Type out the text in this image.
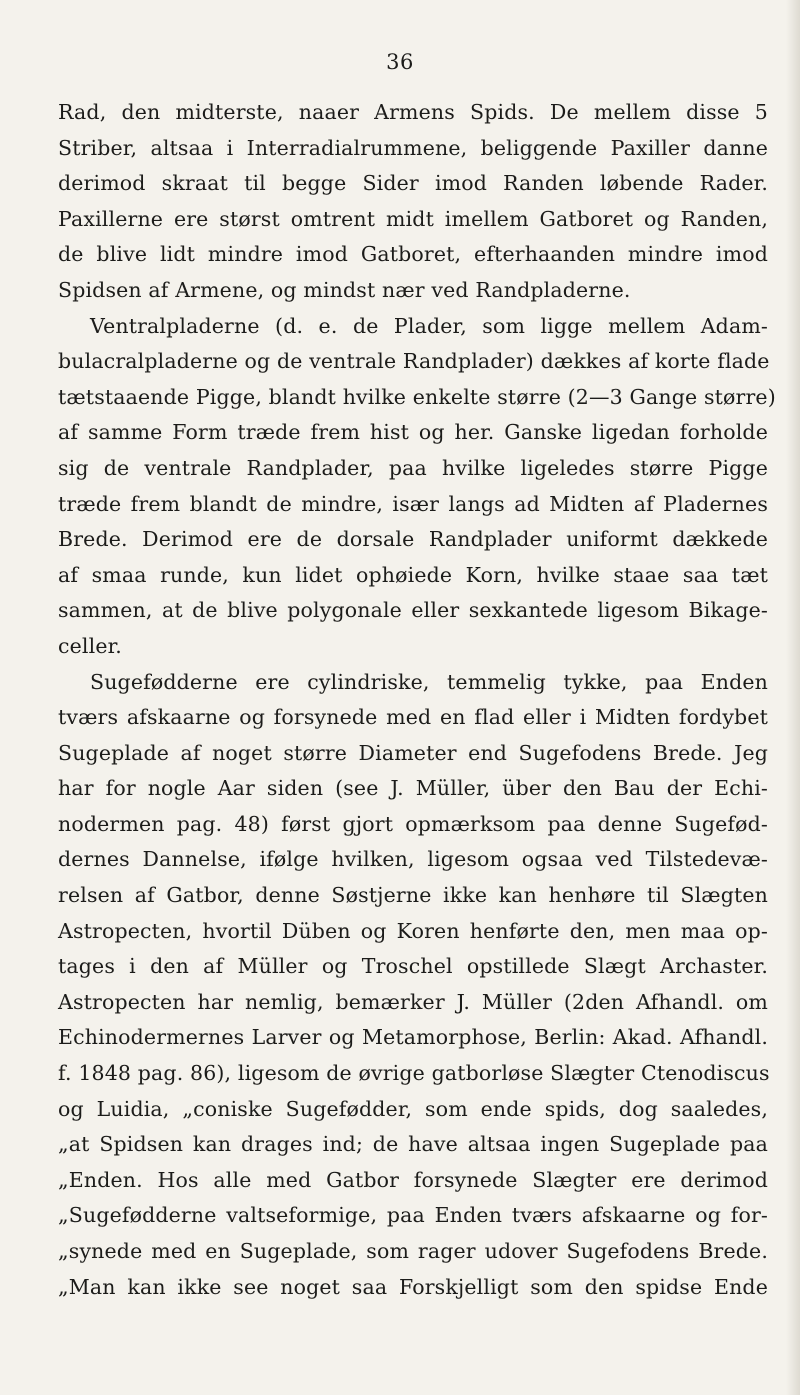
36
Rad, den midterste, naaer Armens Spids. De mellem disse 5
Striber, altsaa i Interradialrummene, beliggende Paxiller danne
derimod skraat til begge Sider imod Randen løbende Rader.
Paxillerne ere størst omtrent midt imellem Gatboret og Randen,
de blive lidt mindre imod Gatboret, efterhaanden mindre imod
Spidsen af Armene, og mindst nær ved Randpladerne.
Ventralpladerne (d. e. de Plader, som ligge mellem Adam-
bulacralpladerne og de ventrale Randplader) dækkes af korte flade
tætstaaende Pigge, blandt hvilke enkelte større (2—3 Gange større)
af samme Form træde frem hist og her. Ganske ligedan forholde
sig de ventrale Randplader, paa hvilke ligeledes større Pigge
træde frem blandt de mindre, især langs ad Midten af Pladernes
Brede. Derimod ere de dorsale Randplader uniformt dækkede
af smaa runde, kun lidet ophøiede Korn, hvilke staae saa tæt
sammen, at de blive polygonale eller sexkantede ligesom Bikage-
celler.
Sugefødderne ere cylindriske, temmelig tykke, paa Enden
tværs afskaarne og forsynede med en flad eller i Midten fordybet
Sugeplade af noget større Diameter end Sugefodens Brede. Jeg
har for nogle Aar siden (see J. Müller, über den Bau der Echi-
nodermen pag. 48) først gjort opmærksom paa denne Sugefød-
dernes Dannelse, ifølge hvilken, ligesom ogsaa ved Tilstedevæ-
relsen af Gatbor, denne Søstjerne ikke kan henhøre til Slægten
Astropecten, hvortil Düben og Koren henførte den, men maa op-
tages i den af Müller og Troschel opstillede Slægt Archaster.
Astropecten har nemlig, bemærker J. Müller (2den Afhandl. om
Echinodermernes Larver og Metamorphose, Berlin: Akad. Afhandl.
f. 1848 pag. 86), ligesom de øvrige gatborløse Slægter Ctenodiscus
og Luidia, „coniske Sugefødder, som ende spids, dog saaledes,
„at Spidsen kan drages ind; de have altsaa ingen Sugeplade paa
„Enden. Hos alle med Gatbor forsynede Slægter ere derimod
„Sugefødderne valtseformige, paa Enden tværs afskaarne og for-
„synede med en Sugeplade, som rager udover Sugefodens Brede.
„Man kan ikke see noget saa Forskjelligt som den spidse Ende
